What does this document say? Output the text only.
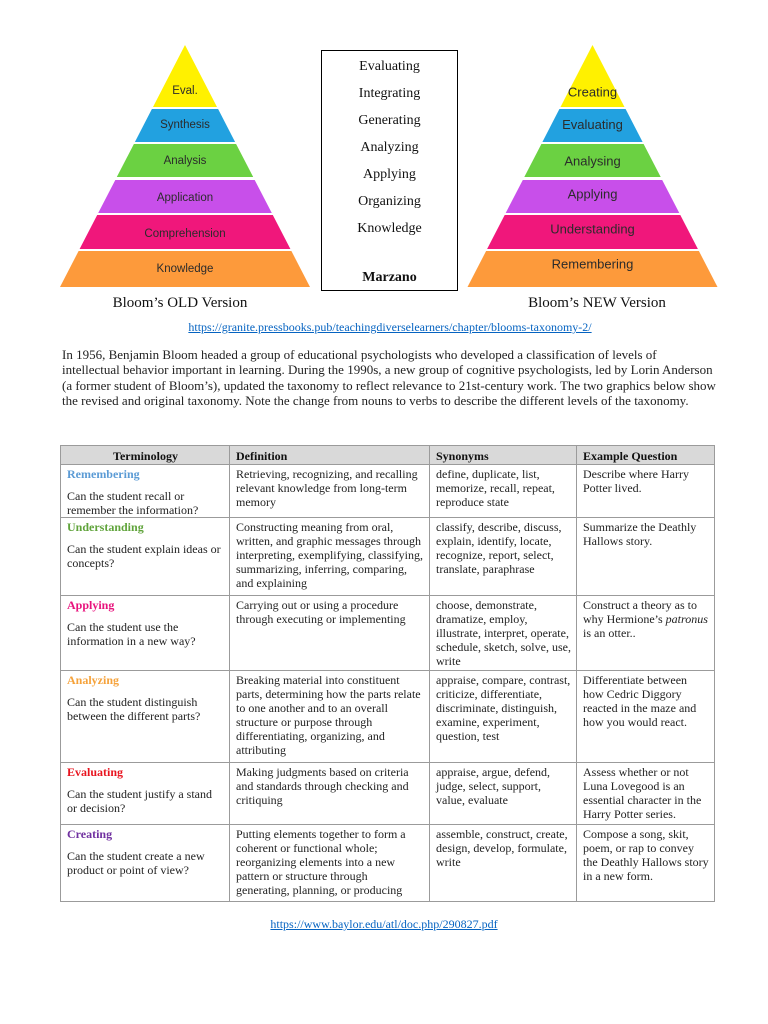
Eval.
Synthesis
Analysis
Application
Comprehension
Knowledge
Creating
Evaluating
Analysing
Applying
Understanding
Remembering
Evaluating
Integrating
Generating
Analyzing
Applying
Organizing
Knowledge
Marzano
Bloom’s OLD Version	Bloom’s NEW Version
https://granite.pressbooks.pub/teachingdiverselearners/chapter/blooms-taxonomy-2/

In 1956, Benjamin Bloom headed a group of educational psychologists who developed a classification of levels of intellectual behavior important in learning. During the 1990s, a new group of cognitive psychologists, led by Lorin Anderson (a former student of Bloom’s), updated the taxonomy to reflect relevance to 21st-century work. The two graphics below show the revised and original taxonomy. Note the change from nouns to verbs to describe the different levels of the taxonomy.

Terminology	Definition	Synonyms	Example Question

Remembering
Can the student recall or remember the information?	Retrieving, recognizing, and recalling relevant knowledge from long-term memory	define, duplicate, list, memorize, recall, repeat, reproduce state	Describe where Harry Potter lived.

Understanding
Can the student explain ideas or concepts?	Constructing meaning from oral, written, and graphic messages through interpreting, exemplifying, classifying, summarizing, inferring, comparing, and explaining	classify, describe, discuss, explain, identify, locate, recognize, report, select, translate, paraphrase	Summarize the Deathly Hallows story.

Applying
Can the student use the information in a new way?	Carrying out or using a procedure through executing or implementing	choose, demonstrate, dramatize, employ, illustrate, interpret, operate, schedule, sketch, solve, use, write	Construct a theory as to why Hermione’s patronus is an otter..

Analyzing
Can the student distinguish between the different parts?	Breaking material into constituent parts, determining how the parts relate to one another and to an overall structure or purpose through differentiating, organizing, and attributing	appraise, compare, contrast, criticize, differentiate, discriminate, distinguish, examine, experiment, question, test	Differentiate between how Cedric Diggory reacted in the maze and how you would react.

Evaluating
Can the student justify a stand or decision?	Making judgments based on criteria and standards through checking and critiquing	appraise, argue, defend, judge, select, support, value, evaluate	Assess whether or not Luna Lovegood is an essential character in the Harry Potter series.

Creating
Can the student create a new product or point of view?	Putting elements together to form a coherent or functional whole; reorganizing elements into a new pattern or structure through generating, planning, or producing	assemble, construct, create, design, develop, formulate, write	Compose a song, skit, poem, or rap to convey the Deathly Hallows story in a new form.
https://www.baylor.edu/atl/doc.php/290827.pdf
